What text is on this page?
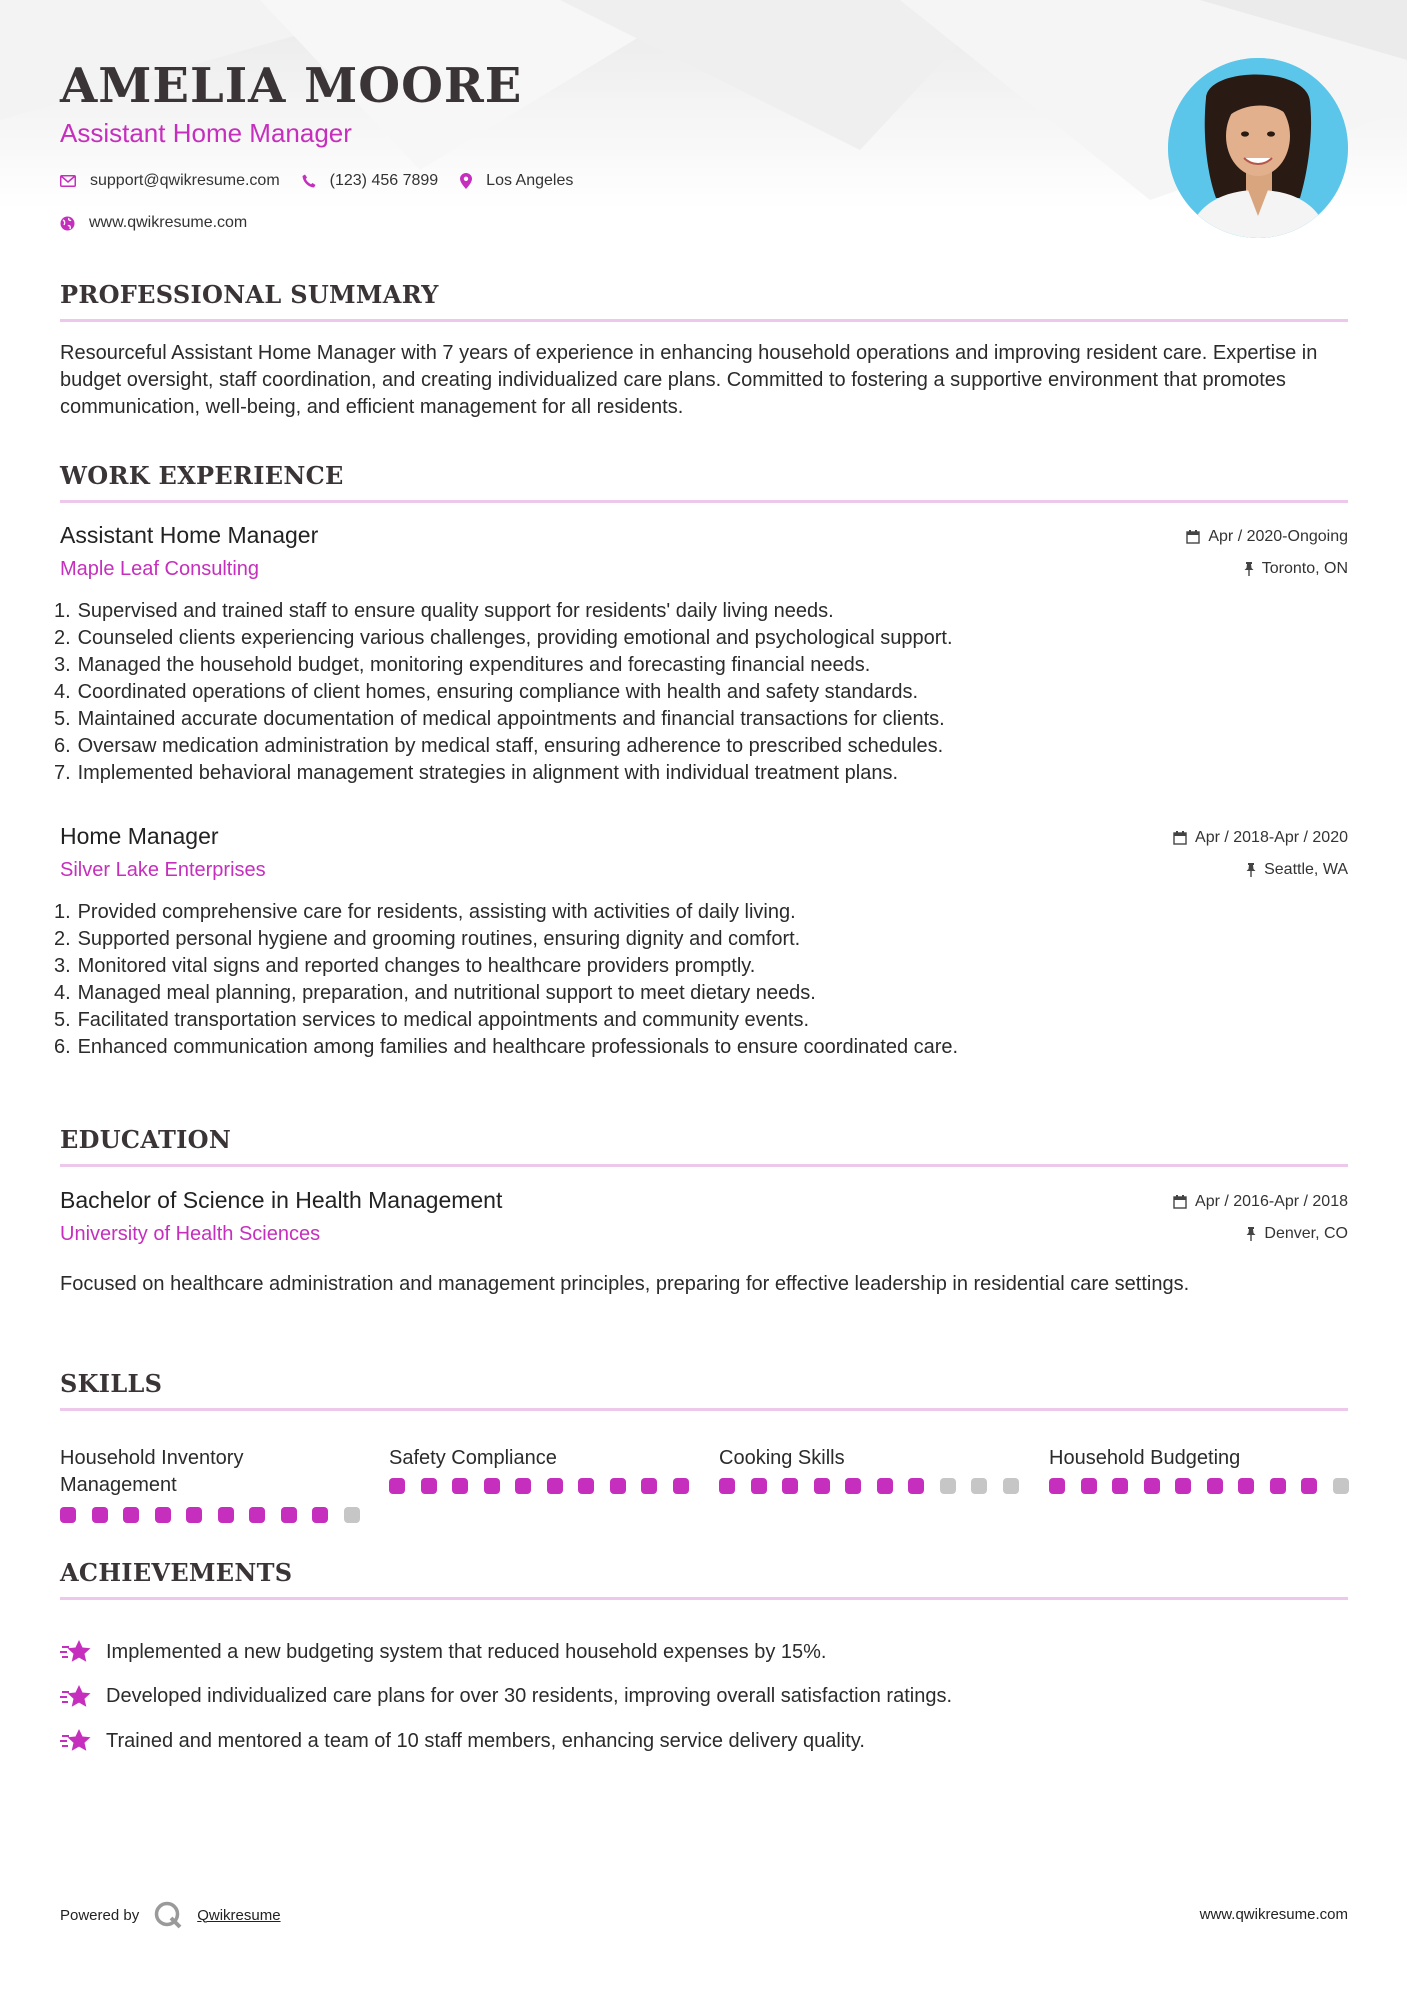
AMELIA MOORE
Assistant Home Manager
support@qwikresume.com	(123) 456 7899	Los Angeles
www.qwikresume.com
PROFESSIONAL SUMMARY

Resourceful Assistant Home Manager with 7 years of experience in enhancing household operations and improving resident care. Expertise in budget oversight, staff coordination, and creating individualized care plans. Committed to fostering a supportive environment that promotes communication, well-being, and efficient management for all residents.

WORK EXPERIENCE
Assistant Home Manager
Maple Leaf Consulting
Apr / 2020-Ongoing
Toronto, ON
1. Supervised and trained staff to ensure quality support for residents' daily living needs.
2. Counseled clients experiencing various challenges, providing emotional and psychological support.
3. Managed the household budget, monitoring expenditures and forecasting financial needs.
4. Coordinated operations of client homes, ensuring compliance with health and safety standards.
5. Maintained accurate documentation of medical appointments and financial transactions for clients.
6. Oversaw medication administration by medical staff, ensuring adherence to prescribed schedules.
7. Implemented behavioral management strategies in alignment with individual treatment plans.
Home Manager
Silver Lake Enterprises
Apr / 2018-Apr / 2020
Seattle, WA
1. Provided comprehensive care for residents, assisting with activities of daily living.
2. Supported personal hygiene and grooming routines, ensuring dignity and comfort.
3. Monitored vital signs and reported changes to healthcare providers promptly.
4. Managed meal planning, preparation, and nutritional support to meet dietary needs.
5. Facilitated transportation services to medical appointments and community events.
6. Enhanced communication among families and healthcare professionals to ensure coordinated care.
EDUCATION
Bachelor of Science in Health Management
University of Health Sciences
Apr / 2016-Apr / 2018
Denver, CO

Focused on healthcare administration and management principles, preparing for effective leadership in residential care settings.

SKILLS
Household Inventory Management
Safety Compliance	Cooking Skills	Household Budgeting
ACHIEVEMENTS
Implemented a new budgeting system that reduced household expenses by 15%.
Developed individualized care plans for over 30 residents, improving overall satisfaction ratings.
Trained and mentored a team of 10 staff members, enhancing service delivery quality.
Powered by	Qwikresume	www.qwikresume.com
